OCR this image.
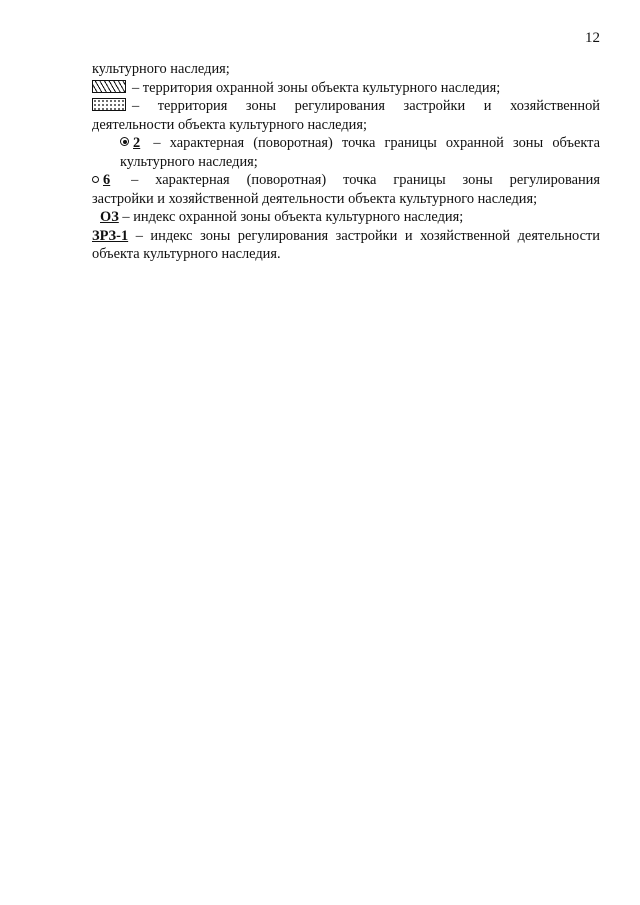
12
культурного наследия;
– территория охранной зоны объекта культурного наследия;
– территория зоны регулирования застройки и хозяйственной
деятельности объекта культурного наследия;
2 – характерная (поворотная) точка границы охранной зоны объекта
культурного наследия;
6 – характерная (поворотная) точка границы зоны регулирования
застройки и хозяйственной деятельности объекта культурного наследия;
ОЗ – индекс охранной зоны объекта культурного наследия;
ЗРЗ-1 – индекс зоны регулирования застройки и хозяйственной деятельности
объекта культурного наследия.
